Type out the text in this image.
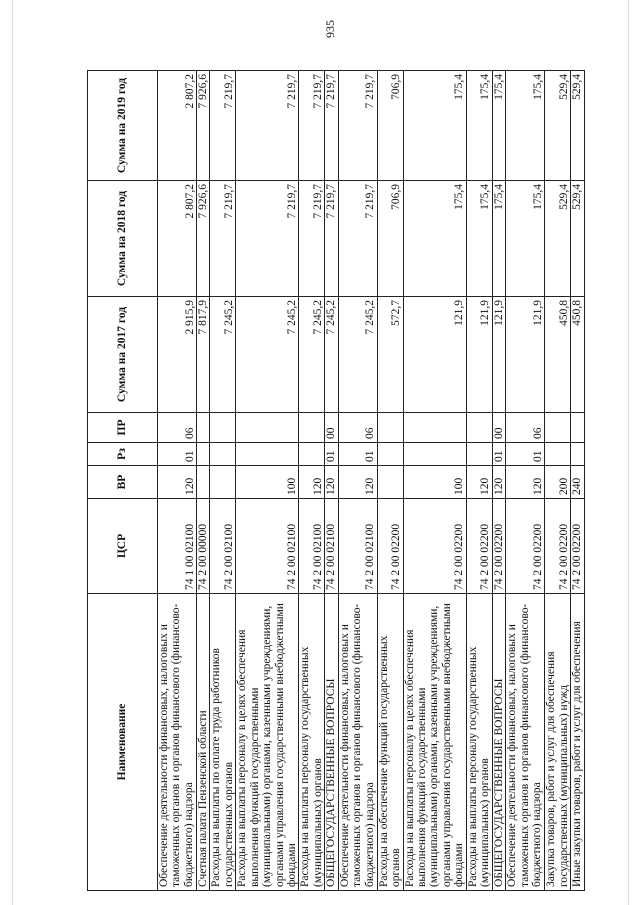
935
Наименование	ЦСР	ВР	Рз	ПР	Сумма на 2017 год	Сумма на 2018 год	Сумма на 2019 год
Обеспечение деятельности финансовых, налоговых и таможенных органов и органов финансового (финансово-бюджетного) надзора	74 1 00 02100	120	01	06	2 915,9	2 807,2	2 807,2
Счетная палата Пензенской области	74 2 00 00000				7 817,9	7 926,6	7 926,6
Расходы на выплаты по оплате труда работников государственных органов	74 2 00 02100				7 245,2	7 219,7	7 219,7
Расходы на выплаты персоналу в целях обеспечения выполнения функций государственными (муниципальными) органами, казенными учреждениями, органами управления государственными внебюджетными фондами	74 2 00 02100	100			7 245,2	7 219,7	7 219,7
Расходы на выплаты персоналу государственных (муниципальных) органов	74 2 00 02100	120			7 245,2	7 219,7	7 219,7
ОБЩЕГОСУДАРСТВЕННЫЕ ВОПРОСЫ	74 2 00 02100	120	01	00	7 245,2	7 219,7	7 219,7
Обеспечение деятельности финансовых, налоговых и таможенных органов и органов финансового (финансово-бюджетного) надзора	74 2 00 02100	120	01	06	7 245,2	7 219,7	7 219,7
Расходы на обеспечение функций государственных органов	74 2 00 02200				572,7	706,9	706,9
Расходы на выплаты персоналу в целях обеспечения выполнения функций государственными (муниципальными) органами, казенными учреждениями, органами управления государственными внебюджетными фондами	74 2 00 02200	100			121,9	175,4	175,4
Расходы на выплаты персоналу государственных (муниципальных) органов	74 2 00 02200	120			121,9	175,4	175,4
ОБЩЕГОСУДАРСТВЕННЫЕ ВОПРОСЫ	74 2 00 02200	120	01	00	121,9	175,4	175,4
Обеспечение деятельности финансовых, налоговых и таможенных органов и органов финансового (финансово-бюджетного) надзора	74 2 00 02200	120	01	06	121,9	175,4	175,4
Закупка товаров, работ и услуг для обеспечения государственных (муниципальных) нужд	74 2 00 02200	200			450,8	529,4	529,4
Иные закупки товаров, работ и услуг для обеспечения	74 2 00 02200	240			450,8	529,4	529,4
